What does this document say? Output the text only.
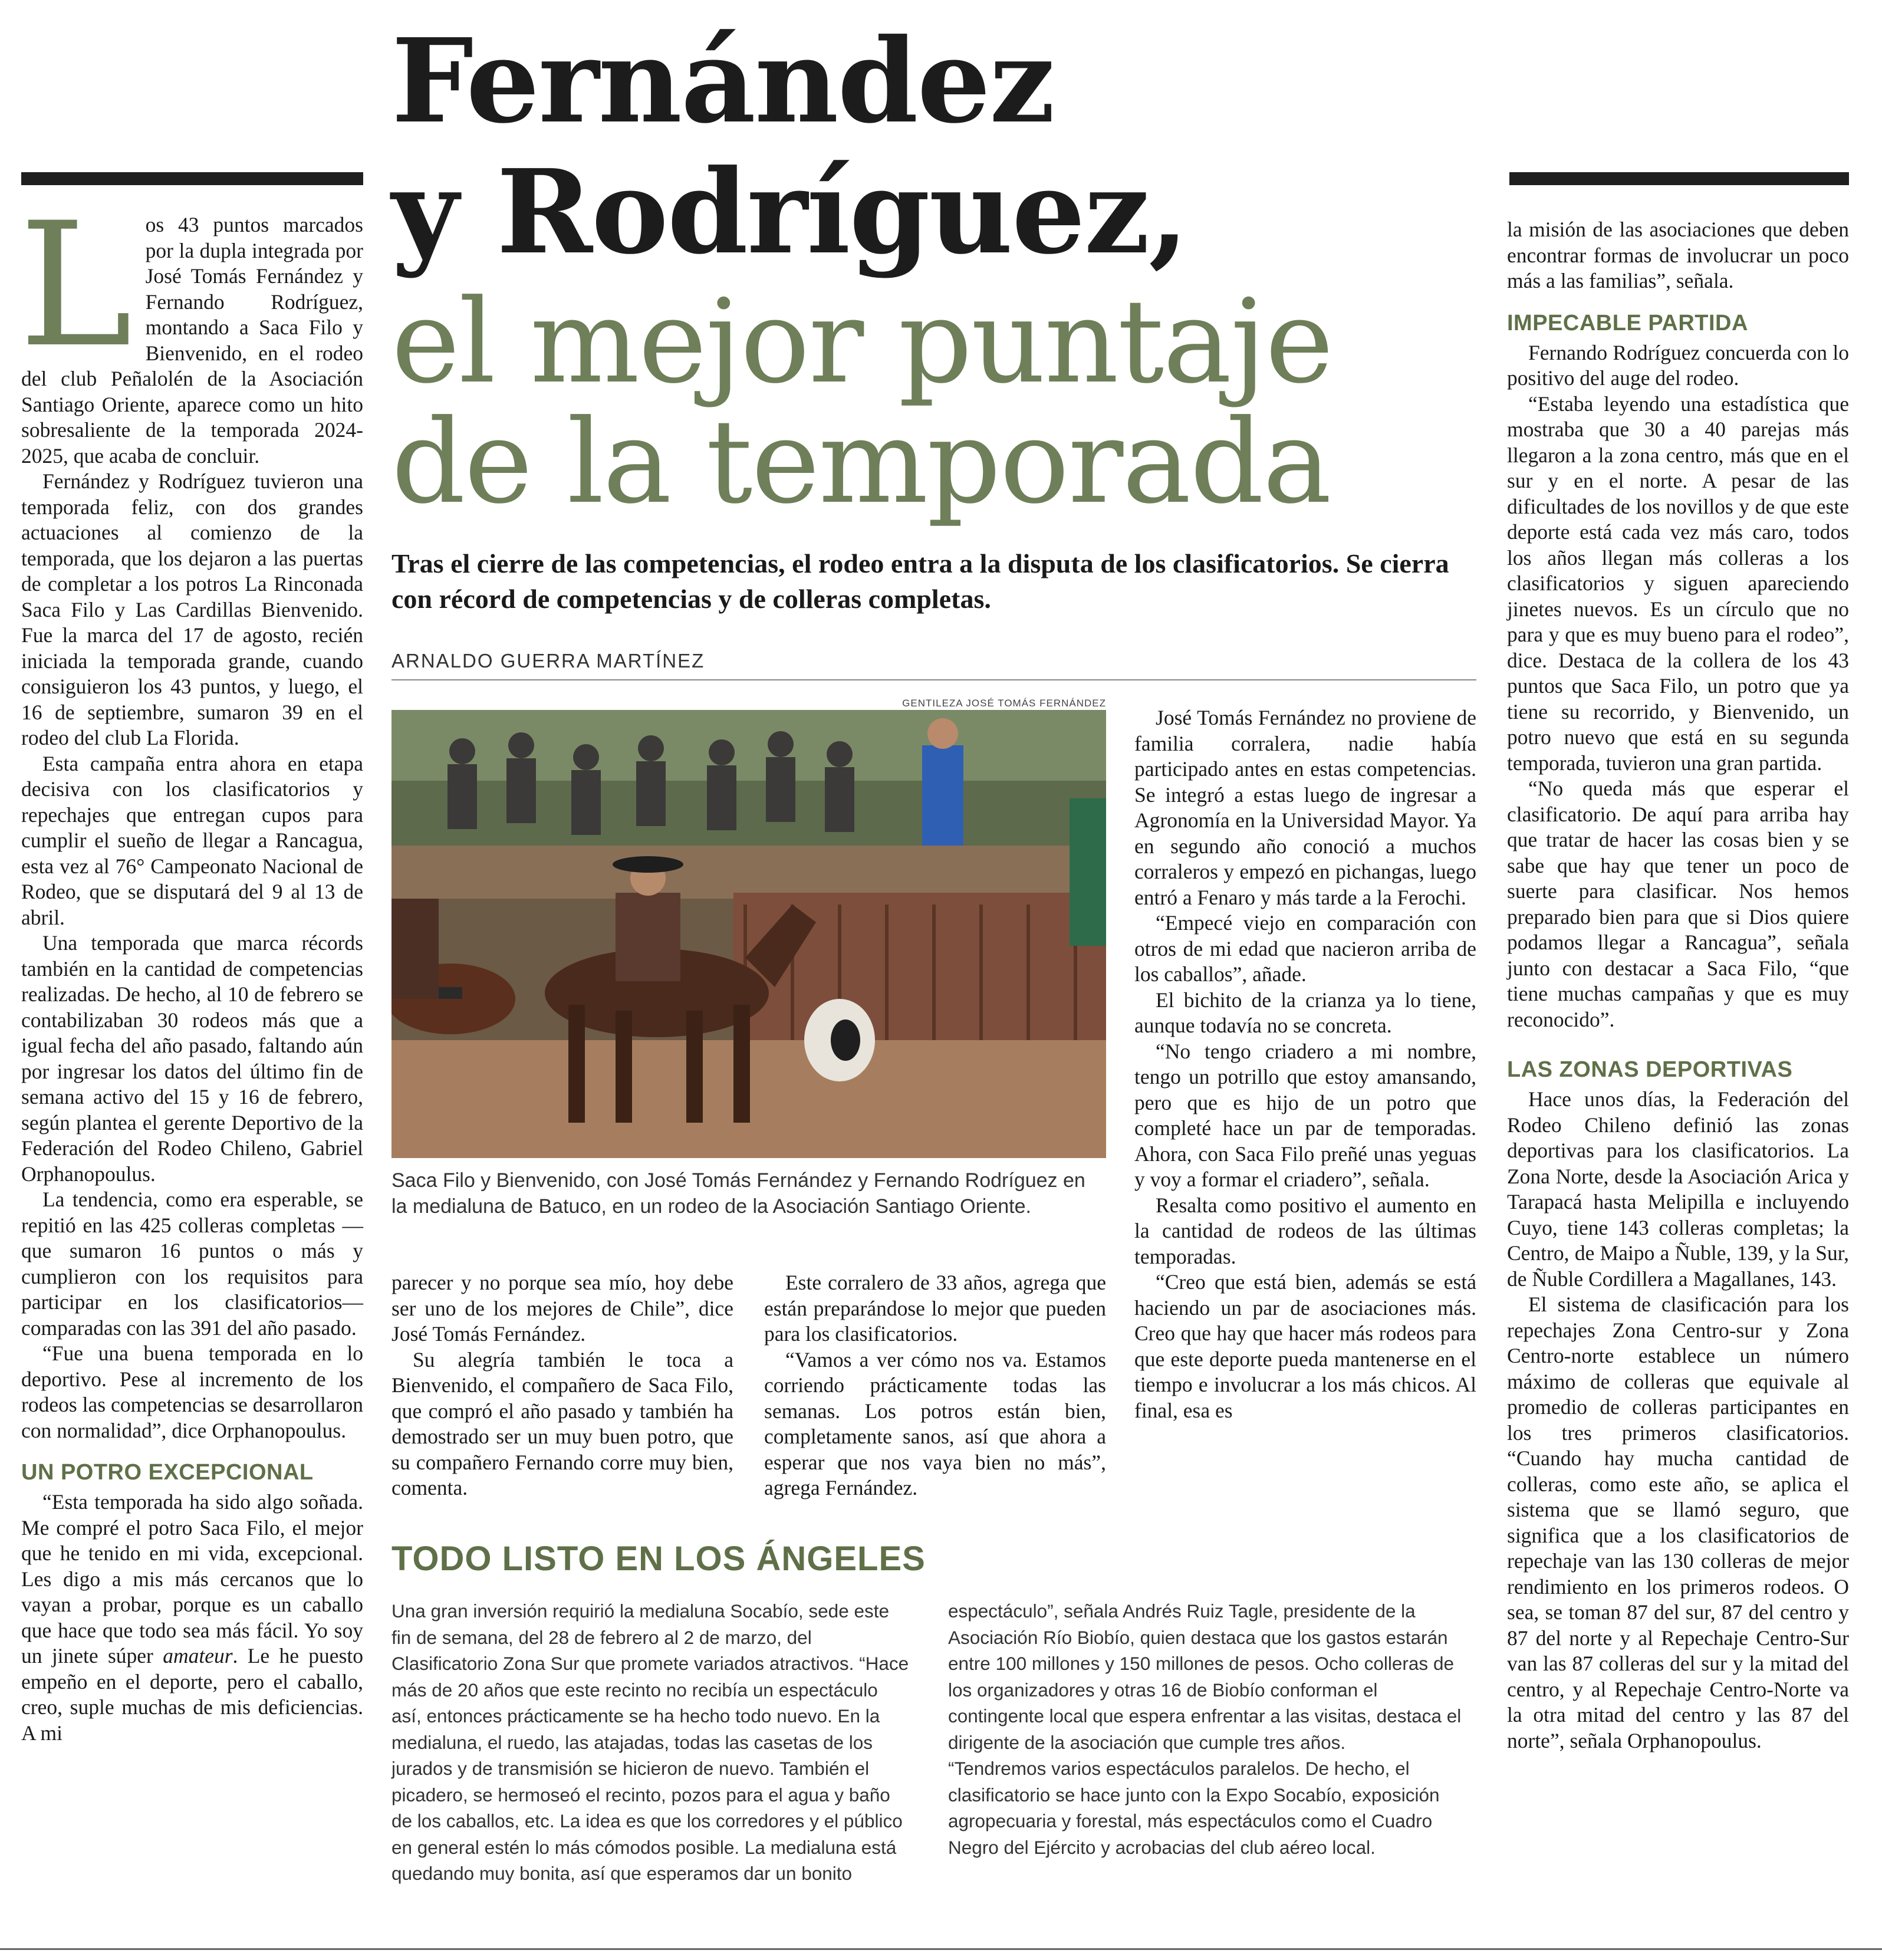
Fernández
y Rodríguez,
el mejor puntaje
de la temporada
Tras el cierre de las competencias, el rodeo entra a la disputa de los clasificatorios. Se cierra con récord de competencias y de colleras completas.
ARNALDO GUERRA MARTÍNEZ
GENTILEZA JOSÉ TOMÁS FERNÁNDEZ
Saca Filo y Bienvenido, con José Tomás Fernández y Fernando Rodríguez en la medialuna de Batuco, en un rodeo de la Asociación Santiago Oriente.

Los 43 puntos marcados por la dupla integrada por José Tomás Fernández y Fernando Rodríguez, montando a Saca Filo y Bienvenido, en el rodeo del club Peñalolén de la Asociación Santiago Oriente, aparece como un hito sobresaliente de la temporada 2024-2025, que acaba de concluir.

Fernández y Rodríguez tuvieron una temporada feliz, con dos grandes actuaciones al comienzo de la temporada, que los dejaron a las puertas de completar a los potros La Rinconada Saca Filo y Las Cardillas Bienvenido. Fue la marca del 17 de agosto, recién iniciada la temporada grande, cuando consiguieron los 43 puntos, y luego, el 16 de septiembre, sumaron 39 en el rodeo del club La Florida.

Esta campaña entra ahora en etapa decisiva con los clasificatorios y repechajes que entregan cupos para cumplir el sueño de llegar a Rancagua, esta vez al 76° Campeonato Nacional de Rodeo, que se disputará del 9 al 13 de abril.

Una temporada que marca récords también en la cantidad de competencias realizadas. De hecho, al 10 de febrero se contabilizaban 30 rodeos más que a igual fecha del año pasado, faltando aún por ingresar los datos del último fin de semana activo del 15 y 16 de febrero, según plantea el gerente Deportivo de la Federación del Rodeo Chileno, Gabriel Orphanopoulus.

La tendencia, como era esperable, se repitió en las 425 colleras completas —que sumaron 16 puntos o más y cumplieron con los requisitos para participar en los clasificatorios— comparadas con las 391 del año pasado.

“Fue una buena temporada en lo deportivo. Pese al incremento de los rodeos las competencias se desarrollaron con normalidad”, dice Orphanopoulus.

UN POTRO EXCEPCIONAL

“Esta temporada ha sido algo soñada. Me compré el potro Saca Filo, el mejor que he tenido en mi vida, excepcional. Les digo a mis más cercanos que lo vayan a probar, porque es un caballo que hace que todo sea más fácil. Yo soy un jinete súper amateur. Le he puesto empeño en el deporte, pero el caballo, creo, suple muchas de mis deficiencias. A mi

parecer y no porque sea mío, hoy debe ser uno de los mejores de Chile”, dice José Tomás Fernández.

Su alegría también le toca a Bienvenido, el compañero de Saca Filo, que compró el año pasado y también ha demostrado ser un muy buen potro, que su compañero Fernando corre muy bien, comenta.

Este corralero de 33 años, agrega que están preparándose lo mejor que pueden para los clasificatorios.

“Vamos a ver cómo nos va. Estamos corriendo prácticamente todas las semanas. Los potros están bien, completamente sanos, así que ahora a esperar que nos vaya bien no más”, agrega Fernández.

José Tomás Fernández no proviene de familia corralera, nadie había participado antes en estas competencias. Se integró a estas luego de ingresar a Agronomía en la Universidad Mayor. Ya en segundo año conoció a muchos corraleros y empezó en pichangas, luego entró a Fenaro y más tarde a la Ferochi.

“Empecé viejo en comparación con otros de mi edad que nacieron arriba de los caballos”, añade.

El bichito de la crianza ya lo tiene, aunque todavía no se concreta.

“No tengo criadero a mi nombre, tengo un potrillo que estoy amansando, pero que es hijo de un potro que completé hace un par de temporadas. Ahora, con Saca Filo preñé unas yeguas y voy a formar el criadero”, señala.

Resalta como positivo el aumento en la cantidad de rodeos de las últimas temporadas.

“Creo que está bien, además se está haciendo un par de asociaciones más. Creo que hay que hacer más rodeos para que este deporte pueda mantenerse en el tiempo e involucrar a los más chicos. Al final, esa es

la misión de las asociaciones que deben encontrar formas de involucrar un poco más a las familias”, señala.

IMPECABLE PARTIDA

Fernando Rodríguez concuerda con lo positivo del auge del rodeo.

“Estaba leyendo una estadística que mostraba que 30 a 40 parejas más llegaron a la zona centro, más que en el sur y en el norte. A pesar de las dificultades de los novillos y de que este deporte está cada vez más caro, todos los años llegan más colleras a los clasificatorios y siguen apareciendo jinetes nuevos. Es un círculo que no para y que es muy bueno para el rodeo”, dice. Destaca de la collera de los 43 puntos que Saca Filo, un potro que ya tiene su recorrido, y Bienvenido, un potro nuevo que está en su segunda temporada, tuvieron una gran partida.

“No queda más que esperar el clasificatorio. De aquí para arriba hay que tratar de hacer las cosas bien y se sabe que hay que tener un poco de suerte para clasificar. Nos hemos preparado bien para que si Dios quiere podamos llegar a Rancagua”, señala junto con destacar a Saca Filo, “que tiene muchas campañas y que es muy reconocido”.

LAS ZONAS DEPORTIVAS

Hace unos días, la Federación del Rodeo Chileno definió las zonas deportivas para los clasificatorios. La Zona Norte, desde la Asociación Arica y Tarapacá hasta Melipilla e incluyendo Cuyo, tiene 143 colleras completas; la Centro, de Maipo a Ñuble, 139, y la Sur, de Ñuble Cordillera a Magallanes, 143.

El sistema de clasificación para los repechajes Zona Centro-sur y Zona Centro-norte establece un número máximo de colleras que equivale al promedio de colleras participantes en los tres primeros clasificatorios. “Cuando hay mucha cantidad de colleras, como este año, se aplica el sistema que se llamó seguro, que significa que a los clasificatorios de repechaje van las 130 colleras de mejor rendimiento en los primeros rodeos. O sea, se toman 87 del sur, 87 del centro y 87 del norte y al Repechaje Centro-Sur van las 87 colleras del sur y la mitad del centro, y al Repechaje Centro-Norte va la otra mitad del centro y las 87 del norte”, señala Orphanopoulus.

TODO LISTO EN LOS ÁNGELES

Una gran inversión requirió la medialuna Socabío, sede este fin de semana, del 28 de febrero al 2 de marzo, del Clasificatorio Zona Sur que promete variados atractivos. “Hace más de 20 años que este recinto no recibía un espectáculo así, entonces prácticamente se ha hecho todo nuevo. En la medialuna, el ruedo, las atajadas, todas las casetas de los jurados y de transmisión se hicieron de nuevo. También el picadero, se hermoseó el recinto, pozos para el agua y baño de los caballos, etc. La idea es que los corredores y el público en general estén lo más cómodos posible. La medialuna está quedando muy bonita, así que esperamos dar un bonito

espectáculo”, señala Andrés Ruiz Tagle, presidente de la Asociación Río Biobío, quien destaca que los gastos estarán entre 100 millones y 150 millones de pesos. Ocho colleras de los organizadores y otras 16 de Biobío conforman el contingente local que espera enfrentar a las visitas, destaca el dirigente de la asociación que cumple tres años.

“Tendremos varios espectáculos paralelos. De hecho, el clasificatorio se hace junto con la Expo Socabío, exposición agropecuaria y forestal, más espectáculos como el Cuadro Negro del Ejército y acrobacias del club aéreo local.
